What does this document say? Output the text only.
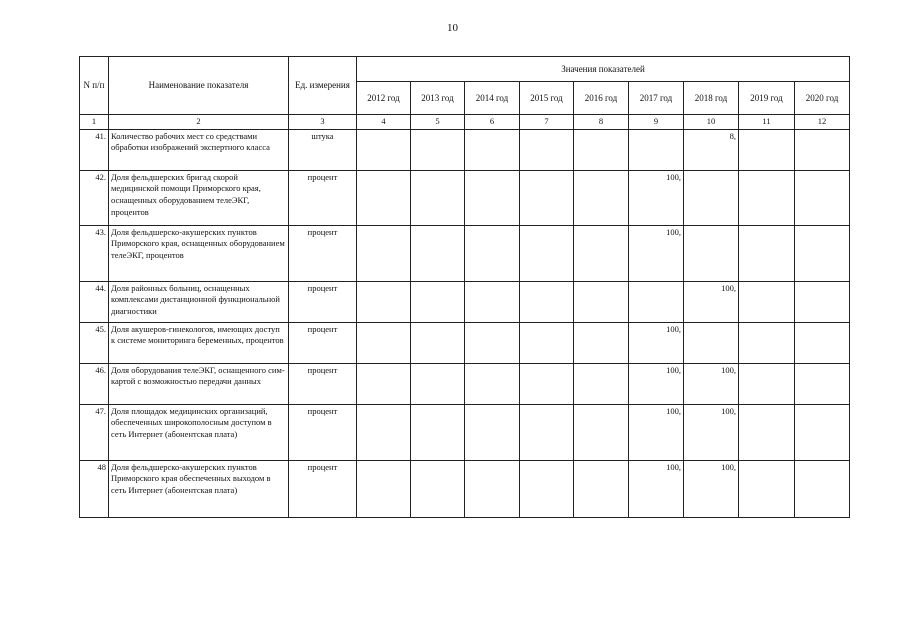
10
N п/п	Наименование показателя	Ед. измерения	Значения показателей								
			2012 год	2013 год	2014 год	2015 год	2016 год	2017 год	2018 год	2019 год	2020 год
1	2	3	4	5	6	7	8	9	10	11	12
41.	Количество рабочих мест со средствами обработки изображений экспертного класса	штука							8,		
42.	Доля фельдшерских бригад скорой медицинской помощи Приморского края, оснащенных оборудованием телеЭКГ, процентов	процент						100,			
43.	Доля фельдшерско-акушерских пунктов Приморского края, оснащенных оборудованием телеЭКГ, процентов	процент						100,			
44.	Доля районных больниц, оснащенных комплексами дистанционной функциональной диагностики	процент							100,		
45.	Доля акушеров-гинекологов, имеющих доступ к системе мониторинга беременных, процентов	процент						100,			
46.	Доля оборудования телеЭКГ, оснащенного сим-картой с возможностью передачи данных	процент						100,	100,		
47.	Доля площадок медицинских организаций, обеспеченных широкополосным доступом в сеть Интернет (абонентская плата)	процент						100,	100,		
48	Доля фельдшерско-акушерских пунктов Приморского края обеспеченных выходом в сеть Интернет (абонентская плата)	процент						100,	100,		
